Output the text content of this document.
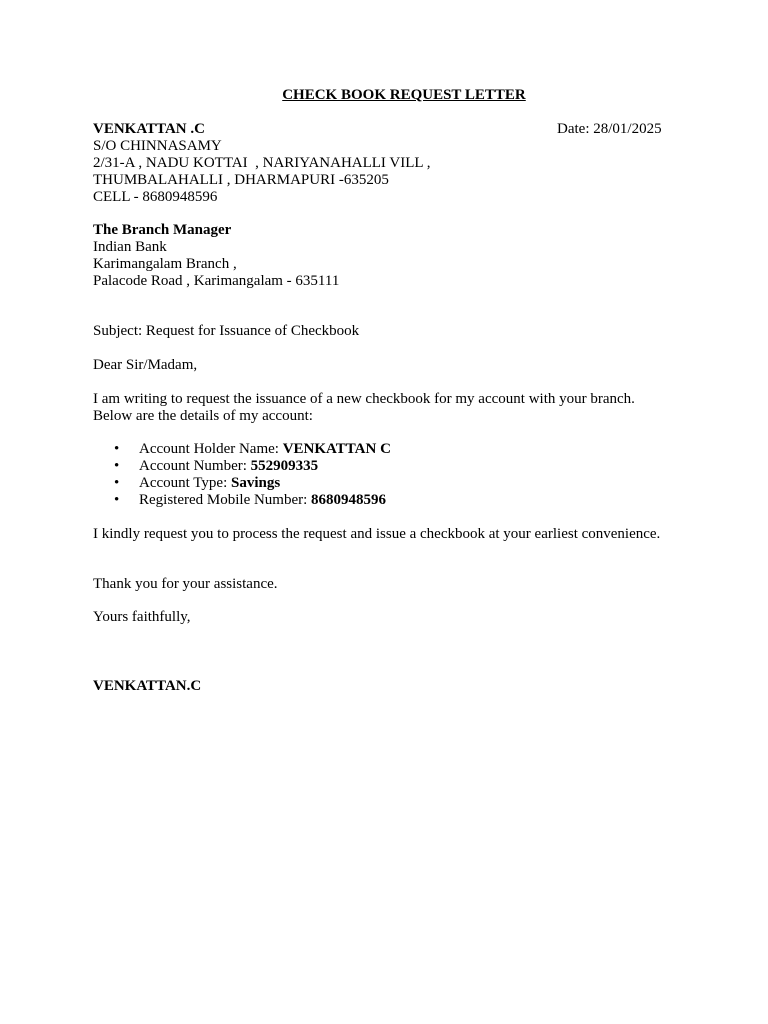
CHECK BOOK REQUEST LETTER
VENKATTAN .C
S/O CHINNASAMY
2/31-A , NADU KOTTAI  , NARIYANAHALLI VILL ,
THUMBALAHALLI , DHARMAPURI -635205
CELL - 8680948596
Date: 28/01/2025
The Branch Manager
Indian Bank
Karimangalam Branch ,
Palacode Road , Karimangalam - 635111
Subject: Request for Issuance of Checkbook
Dear Sir/Madam,
I am writing to request the issuance of a new checkbook for my account with your branch. Below are the details of my account:
• Account Holder Name: VENKATTAN C
• Account Number: 552909335
• Account Type: Savings
• Registered Mobile Number: 8680948596
I kindly request you to process the request and issue a checkbook at your earliest convenience.
Thank you for your assistance.
Yours faithfully,
VENKATTAN.C
